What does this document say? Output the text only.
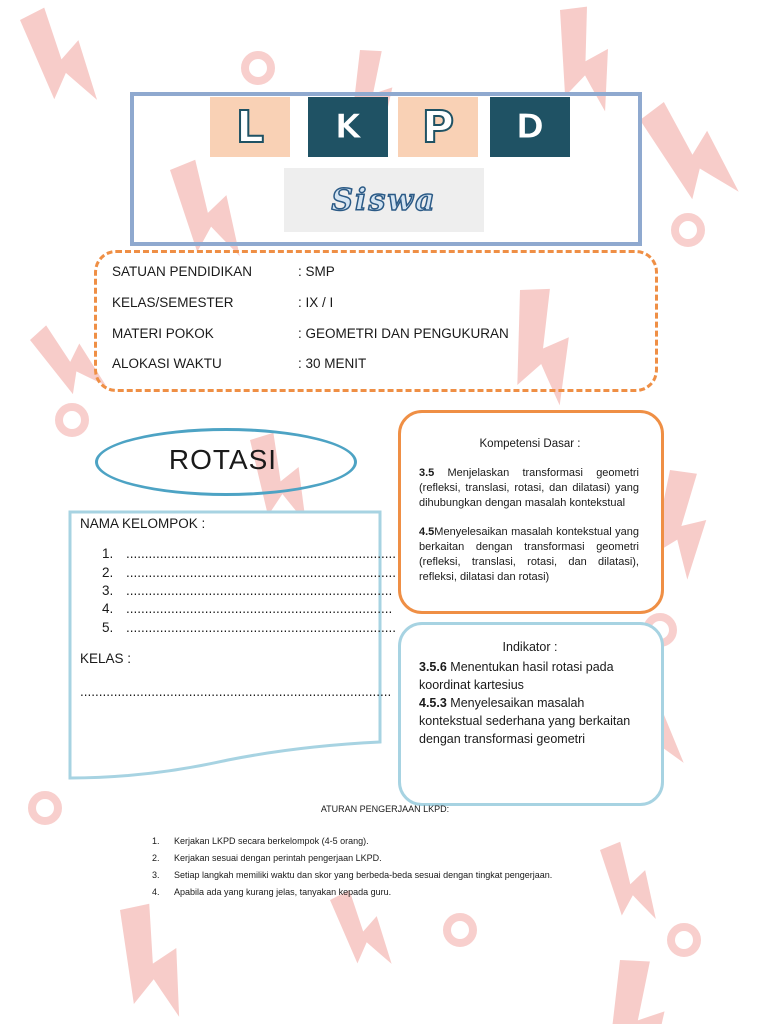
L K P D
Siswa
SATUAN PENDIDIKAN	: SMP
KELAS/SEMESTER	: IX / I
MATERI POKOK	: GEOMETRI DAN PENGUKURAN
ALOKASI WAKTU	: 30 MENIT
ROTASI
NAMA KELOMPOK :
1. ........................................................................
2. ........................................................................
3. .......................................................................
4. .......................................................................
5. ........................................................................
KELAS :
...................................................................................
Kompetensi Dasar :
3.5 Menjelaskan transformasi geometri (refleksi, translasi, rotasi, dan dilatasi) yang dihubungkan dengan masalah kontekstual
4.5Menyelesaikan masalah kontekstual yang berkaitan dengan transformasi geometri (refleksi, translasi, rotasi, dan dilatasi), refleksi, dilatasi dan rotasi)
Indikator :
3.5.6 Menentukan hasil rotasi pada koordinat kartesius
4.5.3 Menyelesaikan masalah kontekstual sederhana yang berkaitan dengan transformasi geometri
ATURAN PENGERJAAN LKPD:
1. Kerjakan LKPD secara berkelompok (4-5 orang).
2. Kerjakan sesuai dengan perintah pengerjaan LKPD.
3. Setiap langkah memiliki waktu dan skor yang berbeda-beda sesuai dengan tingkat pengerjaan.
4. Apabila ada yang kurang jelas, tanyakan kepada guru.
